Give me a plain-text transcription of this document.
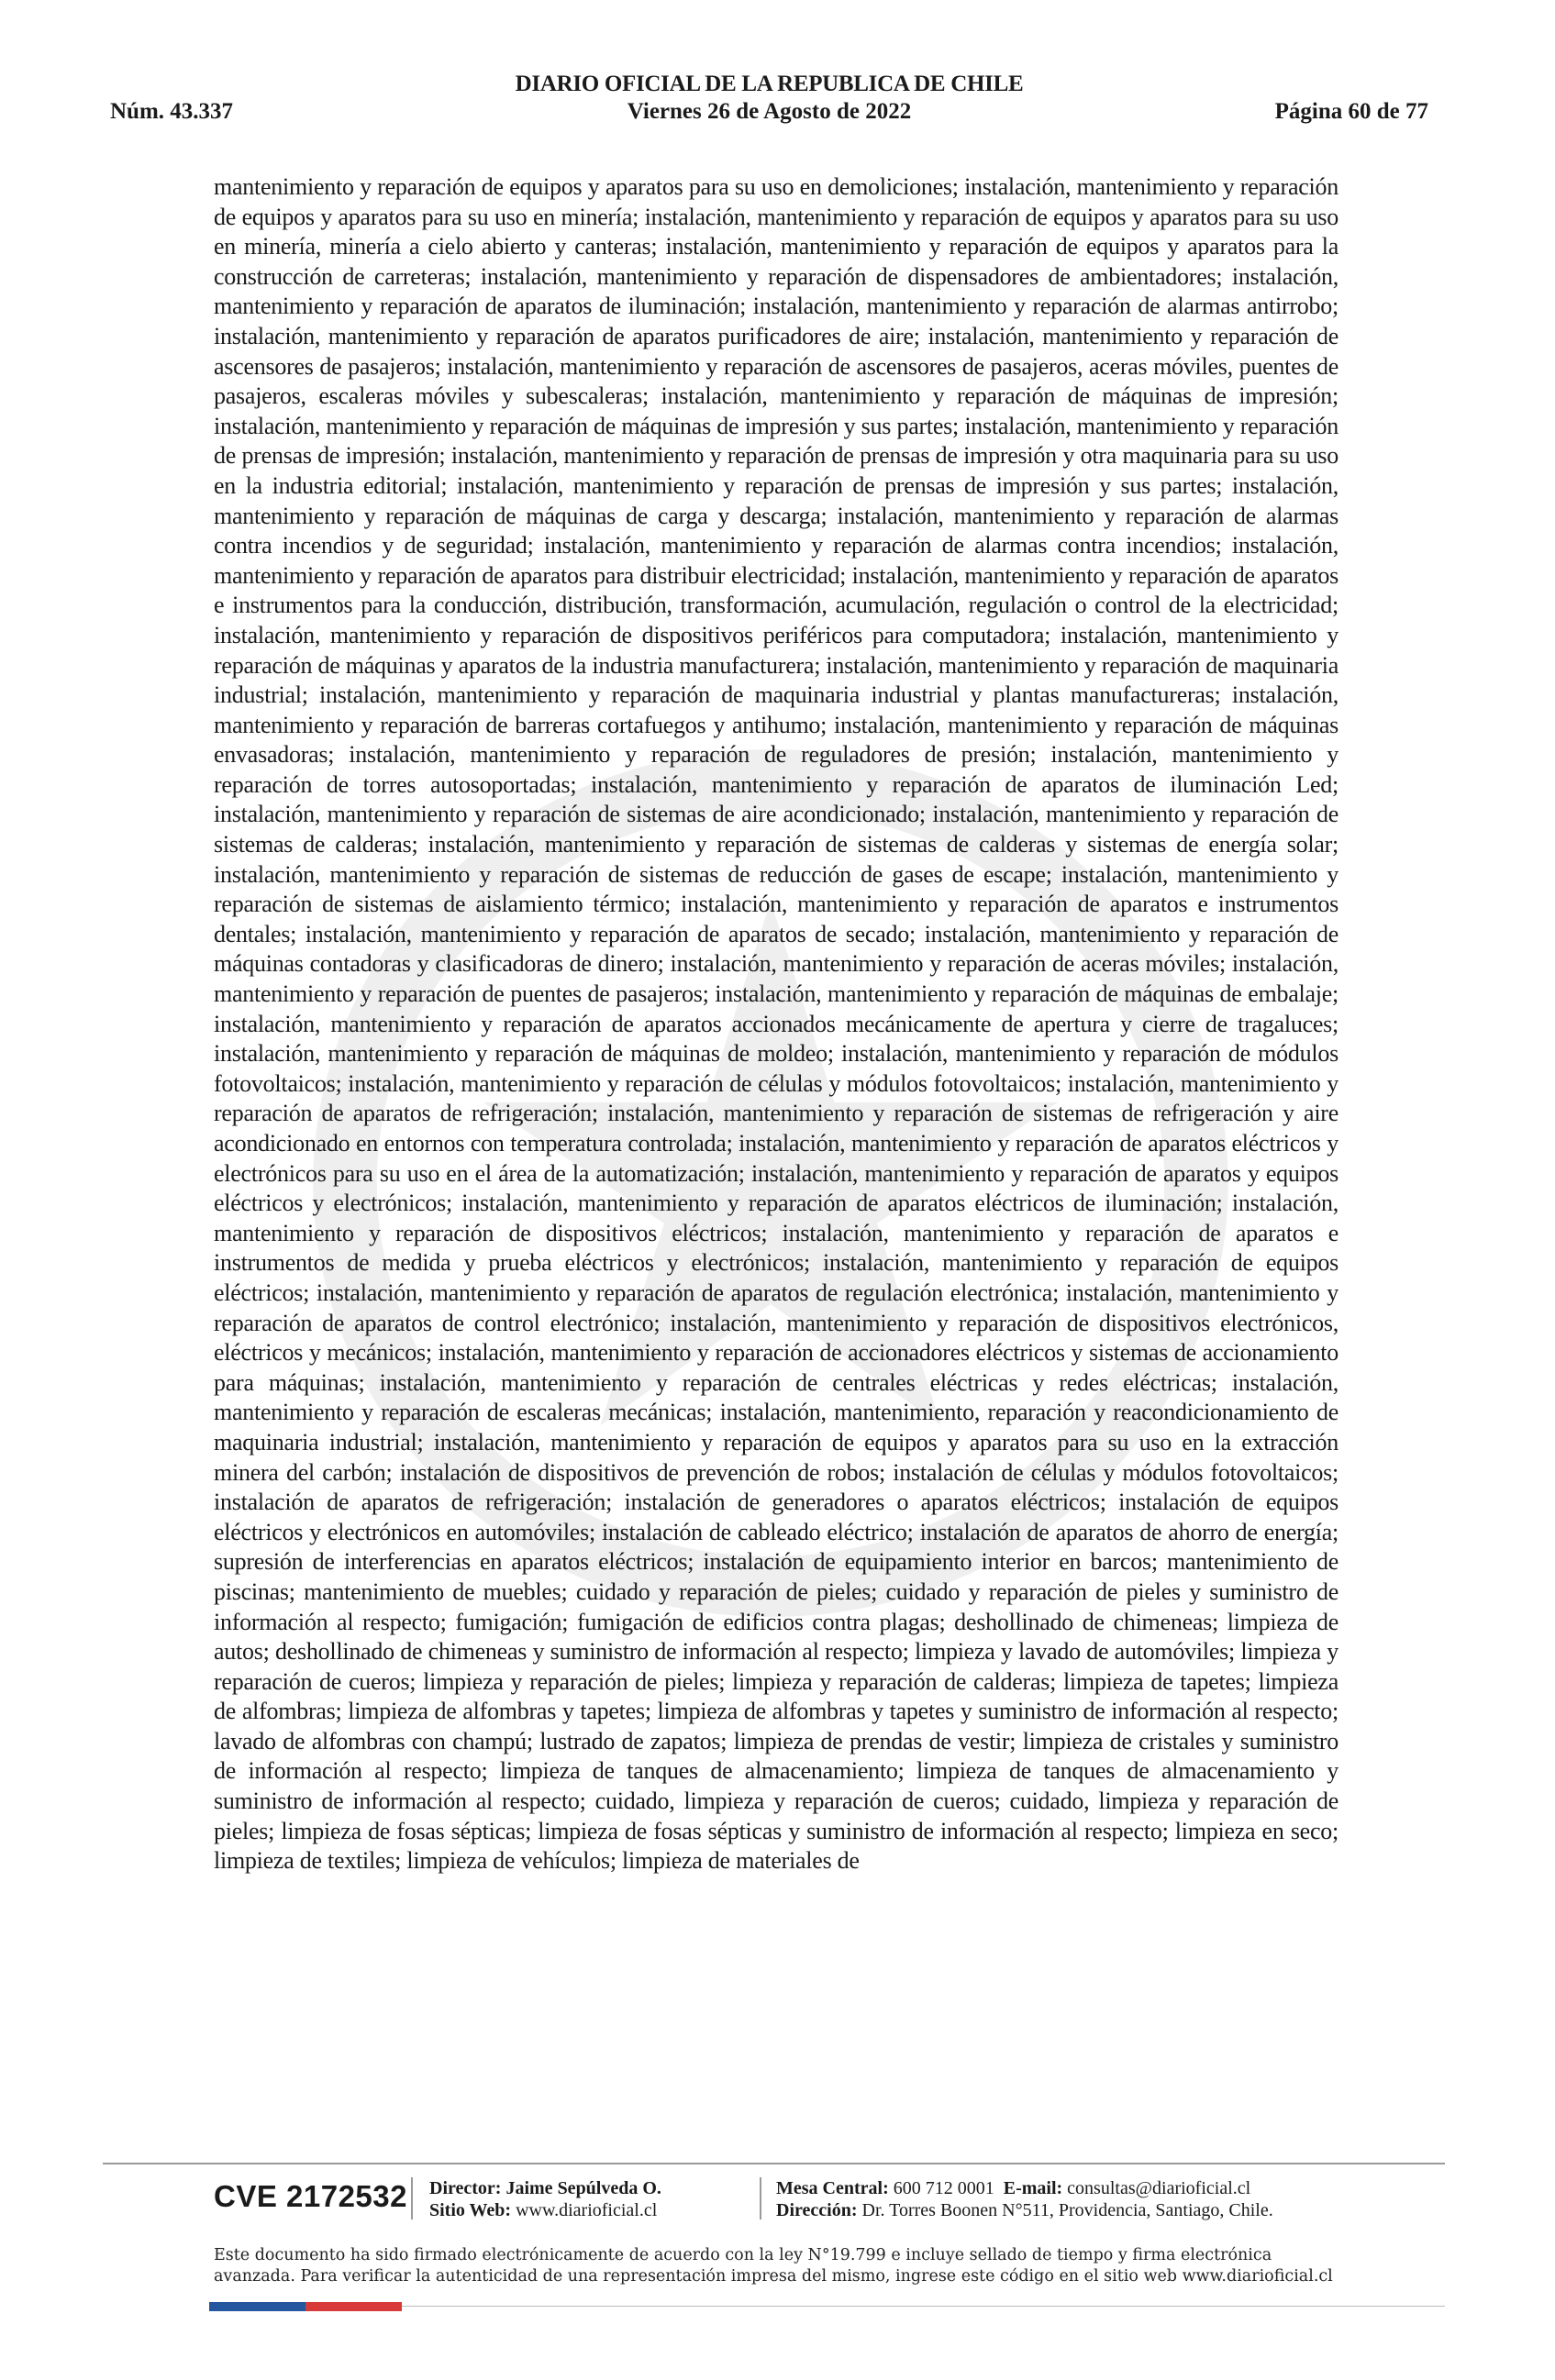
DIARIO OFICIAL DE LA REPUBLICA DE CHILE
Núm. 43.337	Viernes 26 de Agosto de 2022	Página 60 de 77

mantenimiento y reparación de equipos y aparatos para su uso en demoliciones; instalación, mantenimiento y reparación de equipos y aparatos para su uso en minería; instalación, mantenimiento y reparación de equipos y aparatos para su uso en minería, minería a cielo abierto y canteras; instalación, mantenimiento y reparación de equipos y aparatos para la construcción de carreteras; instalación, mantenimiento y reparación de dispensadores de ambientadores; instalación, mantenimiento y reparación de aparatos de iluminación; instalación, mantenimiento y reparación de alarmas antirrobo; instalación, mantenimiento y reparación de aparatos purificadores de aire; instalación, mantenimiento y reparación de ascensores de pasajeros; instalación, mantenimiento y reparación de ascensores de pasajeros, aceras móviles, puentes de pasajeros, escaleras móviles y subescaleras; instalación, mantenimiento y reparación de máquinas de impresión; instalación, mantenimiento y reparación de máquinas de impresión y sus partes; instalación, mantenimiento y reparación de prensas de impresión; instalación, mantenimiento y reparación de prensas de impresión y otra maquinaria para su uso en la industria editorial; instalación, mantenimiento y reparación de prensas de impresión y sus partes; instalación, mantenimiento y reparación de máquinas de carga y descarga; instalación, mantenimiento y reparación de alarmas contra incendios y de seguridad; instalación, mantenimiento y reparación de alarmas contra incendios; instalación, mantenimiento y reparación de aparatos para distribuir electricidad; instalación, mantenimiento y reparación de aparatos e instrumentos para la conducción, distribución, transformación, acumulación, regulación o control de la electricidad; instalación, mantenimiento y reparación de dispositivos periféricos para computadora; instalación, mantenimiento y reparación de máquinas y aparatos de la industria manufacturera; instalación, mantenimiento y reparación de maquinaria industrial; instalación, mantenimiento y reparación de maquinaria industrial y plantas manufactureras; instalación, mantenimiento y reparación de barreras cortafuegos y antihumo; instalación, mantenimiento y reparación de máquinas envasadoras; instalación, mantenimiento y reparación de reguladores de presión; instalación, mantenimiento y reparación de torres autosoportadas; instalación, mantenimiento y reparación de aparatos de iluminación Led; instalación, mantenimiento y reparación de sistemas de aire acondicionado; instalación, mantenimiento y reparación de sistemas de calderas; instalación, mantenimiento y reparación de sistemas de calderas y sistemas de energía solar; instalación, mantenimiento y reparación de sistemas de reducción de gases de escape; instalación, mantenimiento y reparación de sistemas de aislamiento térmico; instalación, mantenimiento y reparación de aparatos e instrumentos dentales; instalación, mantenimiento y reparación de aparatos de secado; instalación, mantenimiento y reparación de máquinas contadoras y clasificadoras de dinero; instalación, mantenimiento y reparación de aceras móviles; instalación, mantenimiento y reparación de puentes de pasajeros; instalación, mantenimiento y reparación de máquinas de embalaje; instalación, mantenimiento y reparación de aparatos accionados mecánicamente de apertura y cierre de tragaluces; instalación, mantenimiento y reparación de máquinas de moldeo; instalación, mantenimiento y reparación de módulos fotovoltaicos; instalación, mantenimiento y reparación de células y módulos fotovoltaicos; instalación, mantenimiento y reparación de aparatos de refrigeración; instalación, mantenimiento y reparación de sistemas de refrigeración y aire acondicionado en entornos con temperatura controlada; instalación, mantenimiento y reparación de aparatos eléctricos y electrónicos para su uso en el área de la automatización; instalación, mantenimiento y reparación de aparatos y equipos eléctricos y electrónicos; instalación, mantenimiento y reparación de aparatos eléctricos de iluminación; instalación, mantenimiento y reparación de dispositivos eléctricos; instalación, mantenimiento y reparación de aparatos e instrumentos de medida y prueba eléctricos y electrónicos; instalación, mantenimiento y reparación de equipos eléctricos; instalación, mantenimiento y reparación de aparatos de regulación electrónica; instalación, mantenimiento y reparación de aparatos de control electrónico; instalación, mantenimiento y reparación de dispositivos electrónicos, eléctricos y mecánicos; instalación, mantenimiento y reparación de accionadores eléctricos y sistemas de accionamiento para máquinas; instalación, mantenimiento y reparación de centrales eléctricas y redes eléctricas; instalación, mantenimiento y reparación de escaleras mecánicas; instalación, mantenimiento, reparación y reacondicionamiento de maquinaria industrial; instalación, mantenimiento y reparación de equipos y aparatos para su uso en la extracción minera del carbón; instalación de dispositivos de prevención de robos; instalación de células y módulos fotovoltaicos; instalación de aparatos de refrigeración; instalación de generadores o aparatos eléctricos; instalación de equipos eléctricos y electrónicos en automóviles; instalación de cableado eléctrico; instalación de aparatos de ahorro de energía; supresión de interferencias en aparatos eléctricos; instalación de equipamiento interior en barcos; mantenimiento de piscinas; mantenimiento de muebles; cuidado y reparación de pieles; cuidado y reparación de pieles y suministro de información al respecto; fumigación; fumigación de edificios contra plagas; deshollinado de chimeneas; limpieza de autos; deshollinado de chimeneas y suministro de información al respecto; limpieza y lavado de automóviles; limpieza y reparación de cueros; limpieza y reparación de pieles; limpieza y reparación de calderas; limpieza de tapetes; limpieza de alfombras; limpieza de alfombras y tapetes; limpieza de alfombras y tapetes y suministro de información al respecto; lavado de alfombras con champú; lustrado de zapatos; limpieza de prendas de vestir; limpieza de cristales y suministro de información al respecto; limpieza de tanques de almacenamiento; limpieza de tanques de almacenamiento y suministro de información al respecto; cuidado, limpieza y reparación de cueros; cuidado, limpieza y reparación de pieles; limpieza de fosas sépticas; limpieza de fosas sépticas y suministro de información al respecto; limpieza en seco; limpieza de textiles; limpieza de vehículos; limpieza de materiales de

CVE 2172532 Director: Jaime Sepúlveda O.
Sitio Web: www.diarioficial.cl
Mesa Central: 600 712 0001 E-mail: consultas@diarioficial.cl
Dirección: Dr. Torres Boonen N°511, Providencia, Santiago, Chile.
Este documento ha sido firmado electrónicamente de acuerdo con la ley N°19.799 e incluye sellado de tiempo y firma electrónica
avanzada. Para verificar la autenticidad de una representación impresa del mismo, ingrese este código en el sitio web www.diarioficial.cl
